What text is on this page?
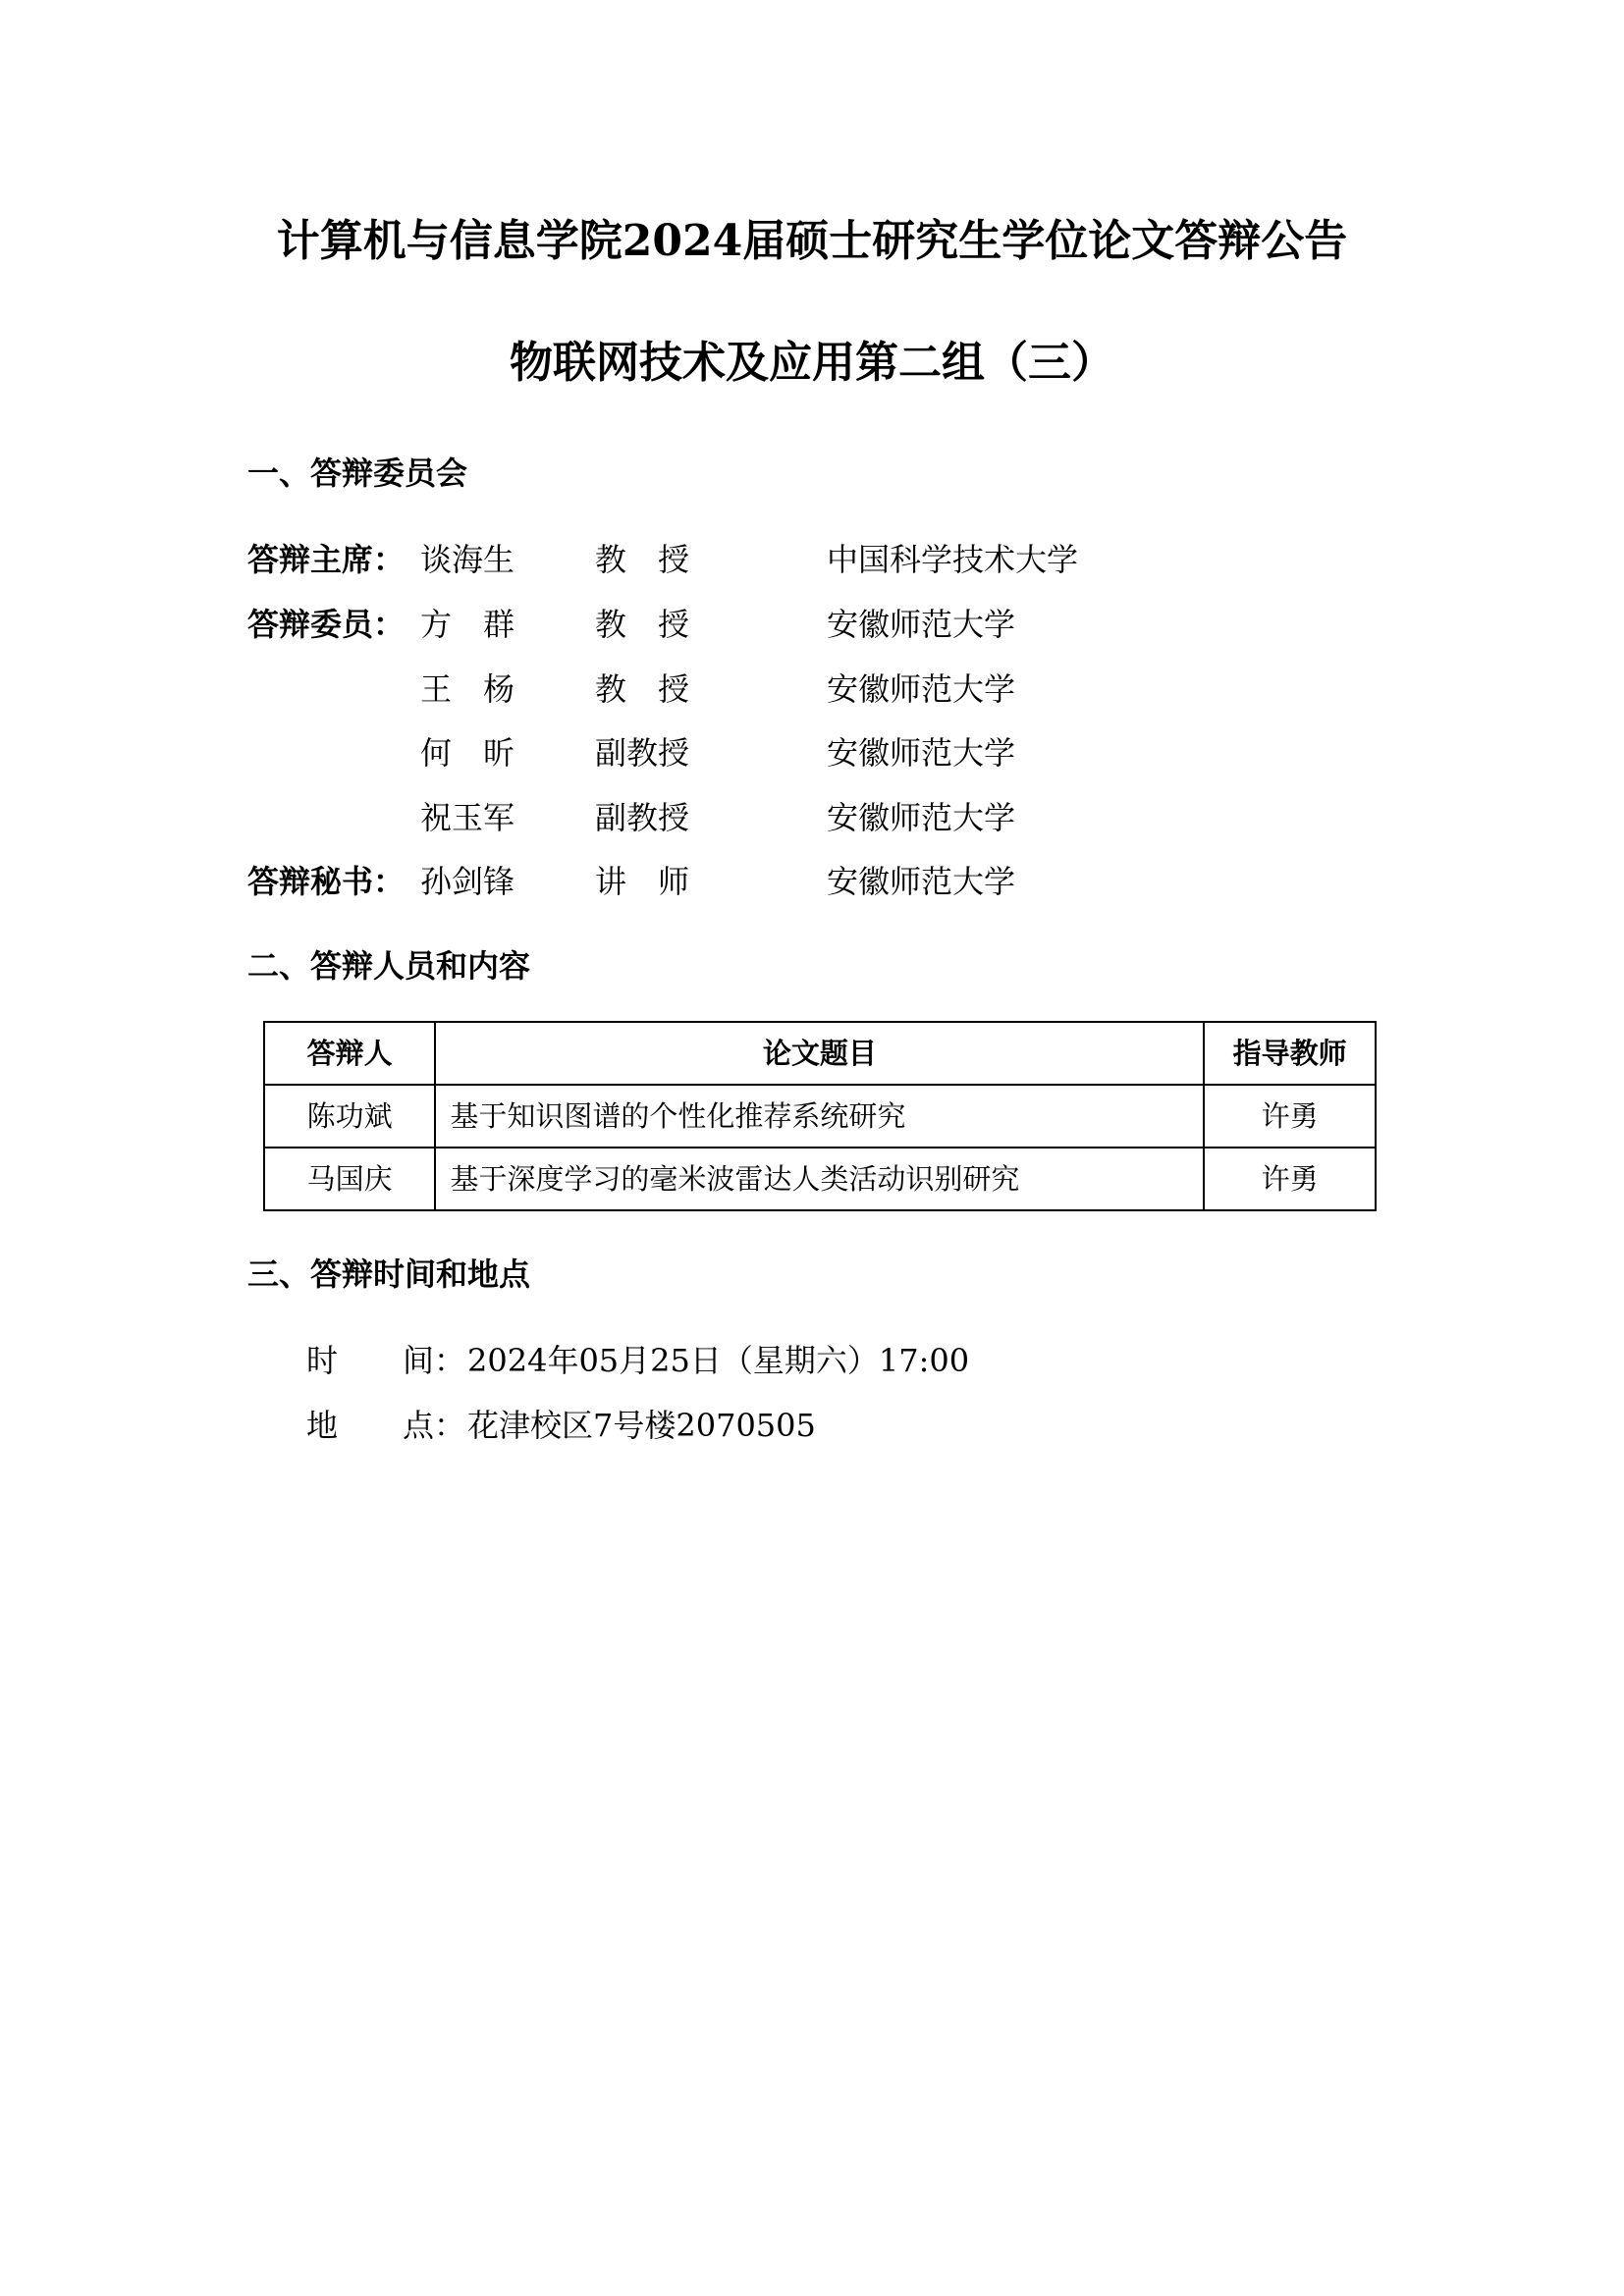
计算机与信息学院2024届硕士研究生学位论文答辩公告
物联网技术及应用第二组（三）
一、答辩委员会
答辩主席： 谈海生	教　授	中国科学技术大学
答辩委员： 方　群	教　授	安徽师范大学
王　杨	教　授	安徽师范大学
何　昕	副教授	安徽师范大学
祝玉军	副教授	安徽师范大学
答辩秘书： 孙剑锋	讲　师	安徽师范大学
二、答辩人员和内容
答辩人	论文题目	指导教师
陈功斌	基于知识图谱的个性化推荐系统研究	许勇
马国庆	基于深度学习的毫米波雷达人类活动识别研究	许勇
三、答辩时间和地点
时 间 ： 2024年05月25日（星期六）17:00
地 点 ： 花津校区7号楼2070505
